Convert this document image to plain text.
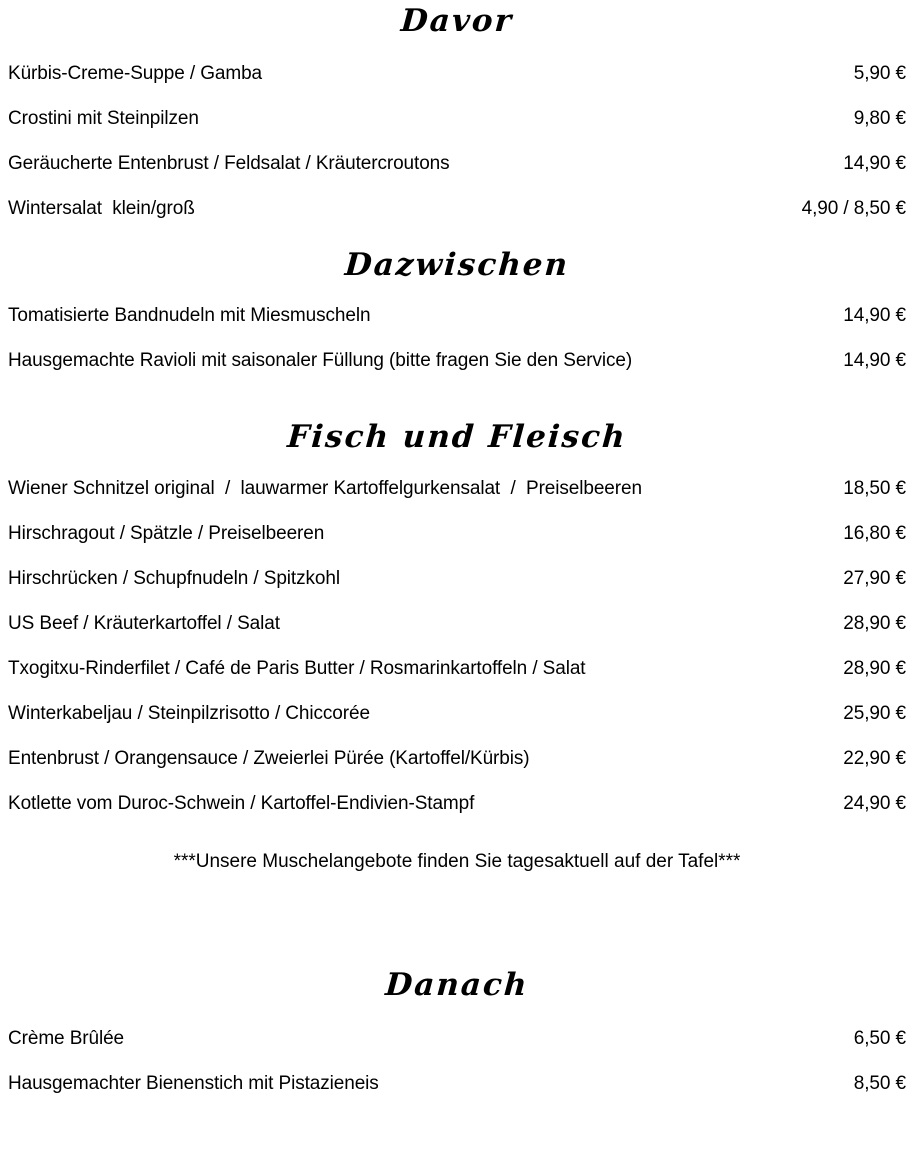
Davor
Kürbis-Creme-Suppe / Gamba	5,90 €
Crostini mit Steinpilzen	9,80 €
Geräucherte Entenbrust / Feldsalat / Kräutercroutons	14,90 €
Wintersalat  klein/groß	4,90 / 8,50 €
Dazwischen
Tomatisierte Bandnudeln mit Miesmuscheln	14,90 €
Hausgemachte Ravioli mit saisonaler Füllung (bitte fragen Sie den Service)	14,90 €
Fisch und Fleisch
Wiener Schnitzel original  /  lauwarmer Kartoffelgurkensalat  /  Preiselbeeren	18,50 €
Hirschragout / Spätzle / Preiselbeeren	16,80 €
Hirschrücken / Schupfnudeln / Spitzkohl	27,90 €
US Beef / Kräuterkartoffel / Salat	28,90 €
Txogitxu-Rinderfilet / Café de Paris Butter / Rosmarinkartoffeln / Salat	28,90 €
Winterkabeljau / Steinpilzrisotto / Chiccorée	25,90 €
Entenbrust / Orangensauce / Zweierlei Pürée (Kartoffel/Kürbis)	22,90 €
Kotlette vom Duroc-Schwein / Kartoffel-Endivien-Stampf	24,90 €
***Unsere Muschelangebote finden Sie tagesaktuell auf der Tafel***
Danach
Crème Brûlée	6,50 €
Hausgemachter Bienenstich mit Pistazieneis	8,50 €
